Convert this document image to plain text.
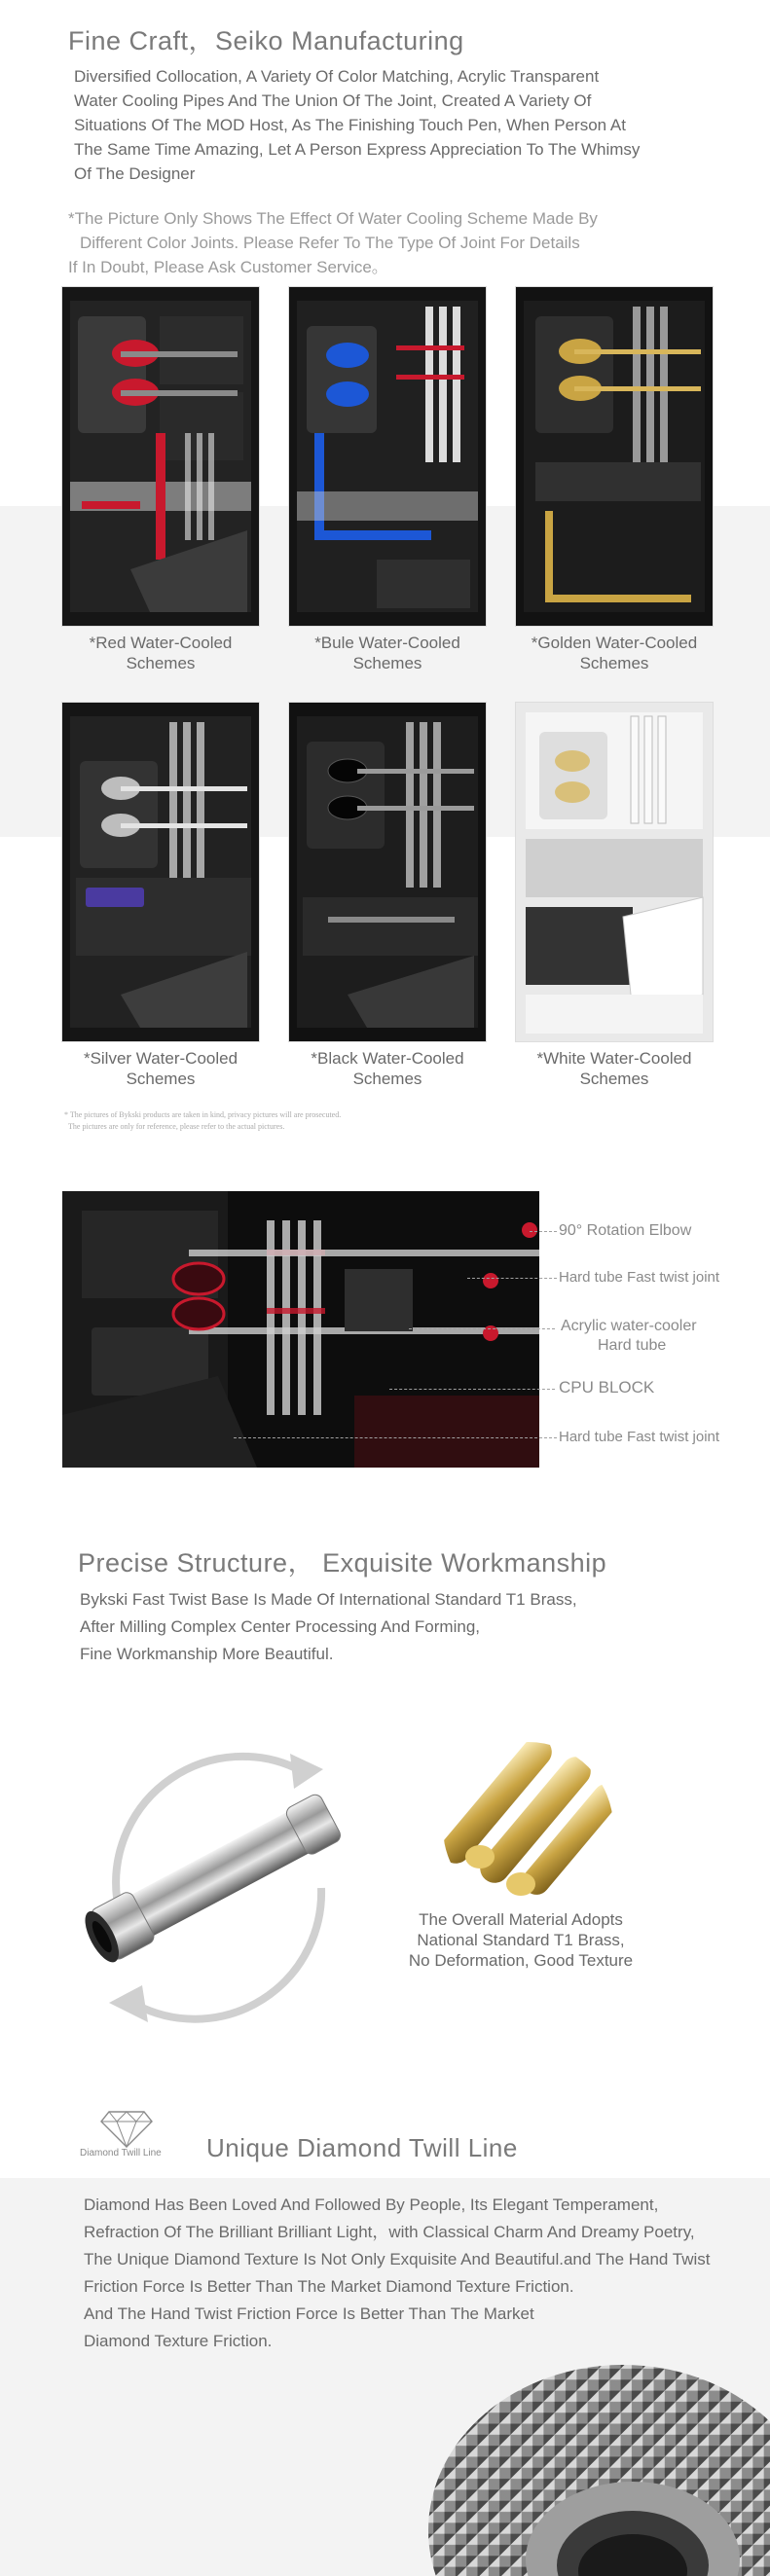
Fine Craft，Seiko Manufacturing
Diversified Collocation, A Variety Of Color Matching, Acrylic Transparent
Water Cooling Pipes And The Union Of The Joint, Created A Variety Of
Situations Of The MOD Host, As The Finishing Touch Pen, When Person At
The Same Time Amazing, Let A Person Express Appreciation To The Whimsy
Of The Designer
*The Picture Only Shows The Effect Of Water Cooling Scheme Made By
Different Color Joints. Please Refer To The Type Of Joint For Details
If In Doubt, Please Ask Customer Service。
*Red Water-Cooled
Schemes
*Bule Water-Cooled
Schemes
*Golden Water-Cooled
Schemes
*Silver Water-Cooled
Schemes
*Black Water-Cooled
Schemes
*White Water-Cooled
Schemes
* The pictures of Bykski products are taken in kind, privacy pictures will are prosecuted.
The pictures are only for reference, please refer to the actual pictures.
90° Rotation Elbow
Hard tube Fast twist joint
Acrylic water-cooler
Hard tube
CPU BLOCK
Hard tube Fast twist joint
Precise Structure， Exquisite Workmanship
Bykski Fast Twist Base Is Made Of International Standard T1 Brass,
After Milling Complex Center Processing And Forming,
Fine Workmanship More Beautiful.
The Overall Material Adopts
National Standard T1 Brass,
No Deformation, Good Texture
Diamond Twill Line Unique Diamond Twill Line
Diamond Has Been Loved And Followed By People, Its Elegant Temperament,
Refraction Of The Brilliant Brilliant Light，with Classical Charm And Dreamy Poetry,
The Unique Diamond Texture Is Not Only Exquisite And Beautiful.and The Hand Twist
Friction Force Is Better Than The Market Diamond Texture Friction.
And The Hand Twist Friction Force Is Better Than The Market
Diamond Texture Friction.
